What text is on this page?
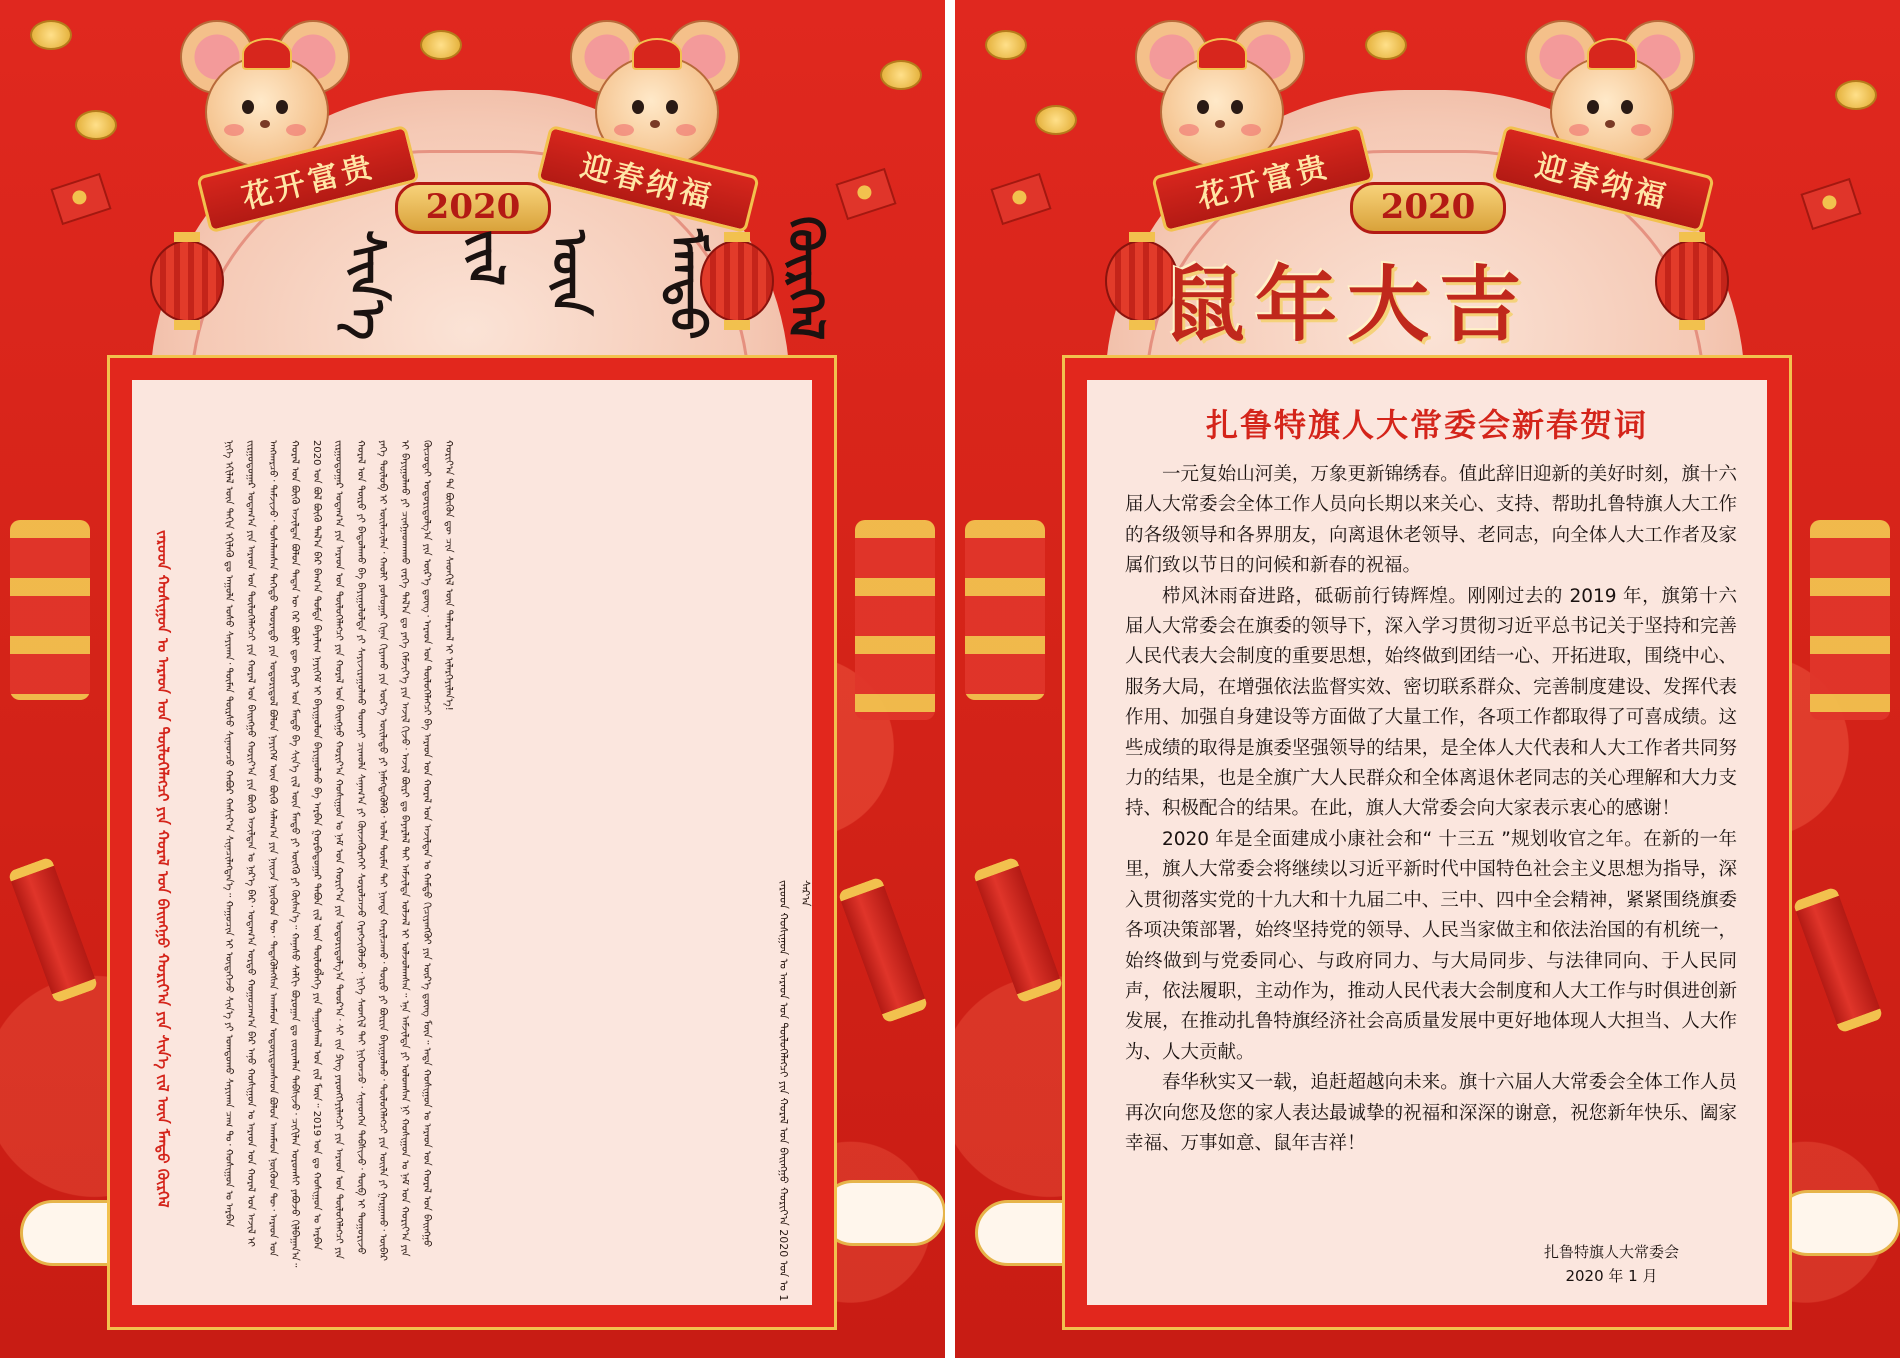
花开富贵	迎春纳福
2020
ᠰᠢᠨ᠎ᠡ ᠵᠢᠯ ᠦᠨ ᠮᠡᠨᠳᠦ ᠬᠦᠷᠭᠡᠯ
ᠵᠠᠷᠤᠳ ᠬᠣᠰᠢᠭᠤᠨ ᠤ ᠠᠷᠠᠳ ᠤᠨ ᠲᠥᠯᠦᠭᠡᠯᠡᠭᠴᠢ ᠶᠢᠨ ᠬᠤᠷᠠᠯ ᠤᠨ ᠪᠠᠢᠩᠭᠤ ᠬᠣᠷᠢᠶ᠎ᠠ ᠶᠢᠨ ᠰᠢᠨ᠎ᠡ ᠵᠢᠯ ᠦᠨ ᠮᠡᠨᠳᠦ ᠬᠦᠷᠭᠡᠯ	ᠨᠢᠭᠡ ᠡᠬᠢᠯᠡᠯ ᠦᠨ ᠳᠠᠬᠢᠨ ᠡᠬᠢᠯᠡᠬᠦ ᠳᠤ ᠠᠭᠤᠯᠠ ᠤᠰᠤ ᠰᠠᠶᠢᠬᠠᠨ᠂ ᠲᠦᠮᠡᠨ ᠳᠦᠷᠰᠦ ᠰᠢᠨᠡᠳᠴᠦ ᠬᠠᠪᠤᠷ ᠬᠠᠰᠢᠶ᠎ᠠ ᠰᠢᠨᠡᠴᠢᠯᠡᠭᠳᠡᠨ᠎ᠡ᠃ ᠬᠠᠭᠤᠴᠢᠨ ᠢ ᠦᠳᠡᠭᠡᠵᠦ ᠰᠢᠨ᠎ᠡ ᠶᠢ ᠤᠭᠲᠤᠬᠤ ᠰᠠᠶᠢᠬᠠᠨ ᠴᠠᠭ ᠲᠤ᠂ ᠬᠣᠰᠢᠭᠤᠨ ᠤ ᠠᠷᠪᠠᠨ ᠵᠢᠷᠭᠤᠳᠤᠭᠠᠷ ᠤᠳᠠᠭ᠎ᠠ ᠶᠢᠨ ᠠᠷᠠᠳ ᠤᠨ ᠲᠥᠯᠦᠭᠡᠯᠡᠭᠴᠢ ᠶᠢᠨ ᠬᠤᠷᠠᠯ ᠤᠨ ᠪᠠᠢᠩᠭᠤ ᠬᠣᠷᠢᠶ᠎ᠠ ᠶᠢᠨ ᠪᠦᠬᠦ ᠠᠵᠢᠯᠲᠠᠨ ᠤ ᠨᠡᠷ᠎ᠡ ᠪᠡᠷ᠂ ᠤᠳᠠᠭ᠎ᠠ ᠤᠷᠲᠤ ᠬᠤᠭᠤᠴᠠᠭ᠎ᠠ ᠪᠠᠷ ᠠᠨᠤ ᠬᠣᠰᠢᠭᠤᠨ ᠤ ᠠᠷᠠᠳ ᠤᠨ ᠬᠤᠷᠠᠯ ᠤᠨ ᠠᠵᠢᠯ ᠢ ᠠᠩᠬᠠᠷᠴᠤ᠂ ᠳᠡᠮᠵᠢᠵᠦ᠂ ᠲᠤᠰᠠᠯᠠᠭᠰᠠᠨ ᠳᠡᠭᠡᠳᠦ ᠳᠣᠣᠷᠠᠳᠤ ᠶᠢᠨ ᠤᠳᠤᠷᠢᠳᠤᠯ ᠪᠣᠯᠤᠨ ᠨᠡᠶᠢᠭᠡᠮ ᠦᠨ ᠪᠦᠬᠦ ᠰᠠᠯᠠᠭ᠎ᠠ ᠶᠢᠨ ᠨᠠᠢᠵᠠ ᠨᠥᠬᠦᠳ ᠲᠦ᠂ ᠲᠡᠲᠡᠭᠦᠯᠡᠭᠰᠡᠨ ᠠᠬᠠᠮᠠᠳ ᠤᠳᠤᠷᠢᠳᠤᠭᠰᠠᠳ ᠪᠣᠯᠤᠨ ᠠᠬᠠᠮᠠᠳ ᠨᠥᠬᠦᠳ ᠲᠦ᠂ ᠠᠷᠠᠳ ᠤᠨ ᠬᠤᠷᠠᠯ ᠤᠨ ᠪᠦᠬᠦ ᠠᠵᠢᠯᠲᠠᠨ ᠪᠣᠯᠤᠨ ᠲᠡᠳᠡᠨ ᠦ ᠭᠡᠷ ᠪᠦᠯᠢ ᠳᠦ ᠪᠠᠶᠢᠷ ᠤᠨ ᠮᠡᠨᠳᠦ ᠪᠠ ᠰᠢᠨ᠎ᠡ ᠵᠢᠯ ᠦᠨ ᠮᠡᠨᠳᠦ ᠶᠢ ᠦᠭᠬᠦ ᠶᠢ ᠬᠦᠰᠡᠨ᠎ᠡ᠃ ᠬᠠᠨᠠᠰᠤ ᠰᠠᠯᠬᠢ ᠪᠣᠷᠣᠭᠠᠨ ᠳᠤ ᠵᠣᠷᠢᠭᠯᠠᠨ ᠳᠠᠪᠰᠢᠵᠤ᠂ ᠴᠢᠬᠢᠯᠡᠨ ᠤᠷᠤᠭᠰᠢ ᠶᠠᠪᠤᠵᠤ ᠭᠢᠯᠪᠠᠭᠠᠨ᠎ᠠ᠃ 2020 ᠣᠨ ᠪᠣᠯ ᠪᠦᠬᠦ ᠲᠠᠯ᠎ᠠ ᠪᠠᠷ ᠪᠠᠭ᠎ᠠ ᠳᠤᠮᠳᠠ ᠪᠠᠶᠠᠯᠢᠭ ᠨᠡᠶᠢᠭᠡᠮ ᠢ ᠪᠠᠶᠢᠭᠤᠯᠤᠨ ᠪᠠᠶᠢᠭᠤᠯᠬᠤ ᠪᠠ ᠠᠷᠪᠠᠨ ᠭᠤᠷᠪᠠᠳᠤᠭᠠᠷ ᠲᠠᠪᠤᠨ ᠵᠢᠯ ᠦᠨ ᠲᠥᠯᠦᠪᠯᠡᠭᠡ ᠶᠢᠨ ᠳᠠᠭᠤᠰᠬᠠᠯ ᠤᠨ ᠵᠢᠯ ᠮᠥᠨ᠃ 2019 ᠣᠨ ᠳᠤ ᠬᠣᠰᠢᠭᠤᠨ ᠤ ᠠᠷᠪᠠᠨ ᠵᠢᠷᠭᠤᠳᠤᠭᠠᠷ ᠤᠳᠠᠭ᠎ᠠ ᠶᠢᠨ ᠠᠷᠠᠳ ᠤᠨ ᠲᠥᠯᠦᠭᠡᠯᠡᠭᠴᠢ ᠶᠢᠨ ᠬᠤᠷᠠᠯ ᠤᠨ ᠪᠠᠢᠩᠭᠤ ᠬᠣᠷᠢᠶ᠎ᠠ ᠬᠣᠰᠢᠭᠤᠨ ᠤ ᠨᠠᠮ ᠤᠨ ᠬᠣᠷᠢᠶ᠎ᠠ ᠶᠢᠨ ᠤᠳᠤᠷᠢᠳᠤᠯᠭ᠎ᠠ ᠳᠤᠤᠷ᠎ᠠ᠂ ᠰᠢ ᠵᠢᠨ ᠫᠢᠩ ᠶᠡᠷᠦᠩᠬᠡᠶᠢᠯᠡᠭᠴᠢ ᠶᠢᠨ ᠠᠷᠠᠳ ᠤᠨ ᠲᠥᠯᠦᠭᠡᠯᠡᠭᠴᠢ ᠶᠢᠨ ᠬᠤᠷᠠᠯ ᠤᠨ ᠲᠦᠷᠦ ᠶᠢ ᠪᠠᠲᠤᠯᠠᠬᠤ ᠪᠠ ᠪᠠᠶᠢᠭᠤᠯᠤᠯᠲᠠ ᠶᠢ ᠰᠠᠶᠢᠵᠢᠷᠠᠭᠤᠯᠬᠤ ᠲᠤᠬᠠᠶᠢ ᠴᠢᠬᠤᠯᠠ ᠰᠠᠨᠠᠭ᠎ᠠ ᠶᠢ ᠭᠦᠨᠵᠡᠭᠦᠷᠡᠬᠡᠢ ᠰᠤᠷᠤᠯᠴᠠᠵᠤ ᠬᠡᠷᠡᠭᠵᠢᠭᠦᠯᠵᠦ᠂ ᠨᠢᠭᠡ ᠰᠡᠳᠬᠢᠯ ᠲᠡᠢ ᠨᠢᠭᠡᠳᠴᠦ᠂ ᠰᠢᠨᠡᠳᠬᠡᠨ ᠳᠠᠪᠰᠢᠵᠤ᠂ ᠲᠥᠪ ᠢ ᠲᠣᠭᠣᠷᠢᠵᠤ ᠶᠡᠬᠡ ᠲᠥᠯᠦᠪ ᠢ ᠦᠢᠯᠡᠴᠢᠯᠡᠨ᠂ ᠬᠠᠤᠯᠢ ᠶᠣᠰᠣᠭᠠᠷ ᠬᠢᠨᠠᠨ ᠬᠢᠶᠠᠬᠤ ᠶᠢᠨ ᠦᠷ᠎ᠡ ᠦᠢᠯᠡᠳᠦ ᠶᠢ ᠨᠡᠮᠡᠭᠳᠡᠭᠦᠯᠬᠦ᠂ ᠣᠯᠠᠨ ᠲᠦᠮᠡᠨ ᠲᠡᠢ ᠨᠢᠭᠲᠠ ᠬᠠᠷᠢᠯᠴᠠᠬᠤ᠂ ᠲᠦᠷᠦ ᠶᠢ ᠪᠦᠷᠢᠨ ᠪᠠᠶᠢᠭᠤᠯᠬᠤ᠂ ᠲᠥᠯᠦᠭᠡᠯᠡᠭᠴᠢ ᠶᠢᠨ ᠦᠢᠯᠡ ᠶᠢ ᠭᠠᠷᠭᠠᠬᠤ᠂ ᠥᠪᠡᠷ ᠢ ᠪᠠᠶᠢᠭᠤᠯᠬᠤ ᠶᠢ ᠴᠢᠩᠭᠠᠳᠬᠠᠬᠤ ᠵᠡᠷᠭᠡ ᠲᠠᠯ᠎ᠠ ᠳᠤ ᠶᠡᠬᠡ ᠬᠡᠮᠵᠢᠶ᠎ᠡ ᠶᠢᠨ ᠠᠵᠢᠯ ᠬᠢᠵᠦ᠂ ᠠᠵᠢᠯ ᠪᠦᠷᠢ ᠳᠤ ᠪᠠᠶᠠᠷᠯᠠᠯ ᠲᠠᠢ ᠠᠮᠵᠢᠯᠲᠠ ᠣᠯᠵᠠᠯ ᠢ ᠣᠯᠵᠤᠯᠠᠭᠰᠠᠨ᠃ ᠡᠨᠡ ᠠᠮᠵᠢᠯᠲᠠ ᠶᠢ ᠣᠯᠤᠭᠰᠠᠨ ᠨᠢ ᠬᠣᠰᠢᠭᠤᠨ ᠤ ᠨᠠᠮ ᠤᠨ ᠬᠣᠷᠢᠶ᠎ᠠ ᠶᠢᠨ ᠬᠦᠴᠦᠲᠡᠢ ᠤᠳᠤᠷᠢᠳᠤᠯᠭ᠎ᠠ ᠶᠢᠨ ᠦᠷ᠎ᠡ ᠳ᠋ᠦᠩ᠂ ᠠᠷᠠᠳ ᠤᠨ ᠲᠥᠯᠦᠭᠡᠯᠡᠭᠴᠢ ᠪᠠ ᠠᠷᠠᠳ ᠤᠨ ᠬᠤᠷᠠᠯ ᠤᠨ ᠠᠵᠢᠯᠲᠠᠨ ᠤ ᠬᠠᠮᠲᠤ ᠬᠢᠴᠢᠶᠡᠩᠭᠦᠢ ᠶᠢᠨ ᠦᠷ᠎ᠡ ᠳ᠋ᠦᠩ ᠮᠥᠨ᠃ ᠡᠨᠳᠡ ᠬᠣᠰᠢᠭᠤᠨ ᠤ ᠠᠷᠠᠳ ᠤᠨ ᠬᠤᠷᠠᠯ ᠤᠨ ᠪᠠᠢᠩᠭᠤ ᠬᠣᠷᠢᠶ᠎ᠠ ᠲᠠ ᠪᠦᠬᠦᠨ ᠳᠦ ᠴᠢᠨ ᠰᠡᠳᠬᠢᠯ ᠦᠨ ᠲᠠᠯᠠᠷᠬᠠᠯ ᠢ ᠢᠯᠡᠷᠬᠡᠶᠢᠯᠡᠨ᠎ᠡ!
ᠵᠠᠷᠤᠳ ᠬᠣᠰᠢᠭᠤᠨ ᠤ ᠠᠷᠠᠳ ᠤᠨ ᠲᠥᠯᠦᠭᠡᠯᠡᠭᠴᠢ ᠶᠢᠨ ᠬᠤᠷᠠᠯ ᠤᠨ ᠪᠠᠢᠩᠭᠤ ᠬᠣᠷᠢᠶ᠎ᠠ 2020 ᠣᠨ ᠤ 1 ᠰᠠᠷ᠎ᠠ
花开富贵	迎春纳福
2020
鼠年大吉
扎鲁特旗人大常委会新春贺词

一元复始山河美，万象更新锦绣春。值此辞旧迎新的美好时刻，旗十六届人大常委会全体工作人员向长期以来关心、支持、帮助扎鲁特旗人大工作的各级领导和各界朋友，向离退休老领导、老同志，向全体人大工作者及家属们致以节日的问候和新春的祝福。

栉风沐雨奋进路，砥砺前行铸辉煌。刚刚过去的 2019 年，旗第十六届人大常委会在旗委的领导下，深入学习贯彻习近平总书记关于坚持和完善人民代表大会制度的重要思想，始终做到团结一心、开拓进取，围绕中心、服务大局，在增强依法监督实效、密切联系群众、完善制度建设、发挥代表作用、加强自身建设等方面做了大量工作，各项工作都取得了可喜成绩。这些成绩的取得是旗委坚强领导的结果，是全体人大代表和人大工作者共同努力的结果，也是全旗广大人民群众和全体离退休老同志的关心理解和大力支持、积极配合的结果。在此，旗人大常委会向大家表示衷心的感谢！

2020 年是全面建成小康社会和“ 十三五 ”规划收官之年。在新的一年里，旗人大常委会将继续以习近平新时代中国特色社会主义思想为指导，深入贯彻落实党的十九大和十九届二中、三中、四中全会精神，紧紧围绕旗委各项决策部署，始终坚持党的领导、人民当家做主和依法治国的有机统一，始终做到与党委同心、与政府同力、与大局同步、与法律同向、于人民同声，依法履职，主动作为，推动人民代表大会制度和人大工作与时俱进创新发展，在推动扎鲁特旗经济社会高质量发展中更好地体现人大担当、人大作为、人大贡献。

春华秋实又一载，追赶超越向未来。旗十六届人大常委会全体工作人员再次向您及您的家人表达最诚挚的祝福和深深的谢意，祝您新年快乐、阖家幸福、万事如意、鼠年吉祥！

扎鲁特旗人大常委会
2020 年 1 月
